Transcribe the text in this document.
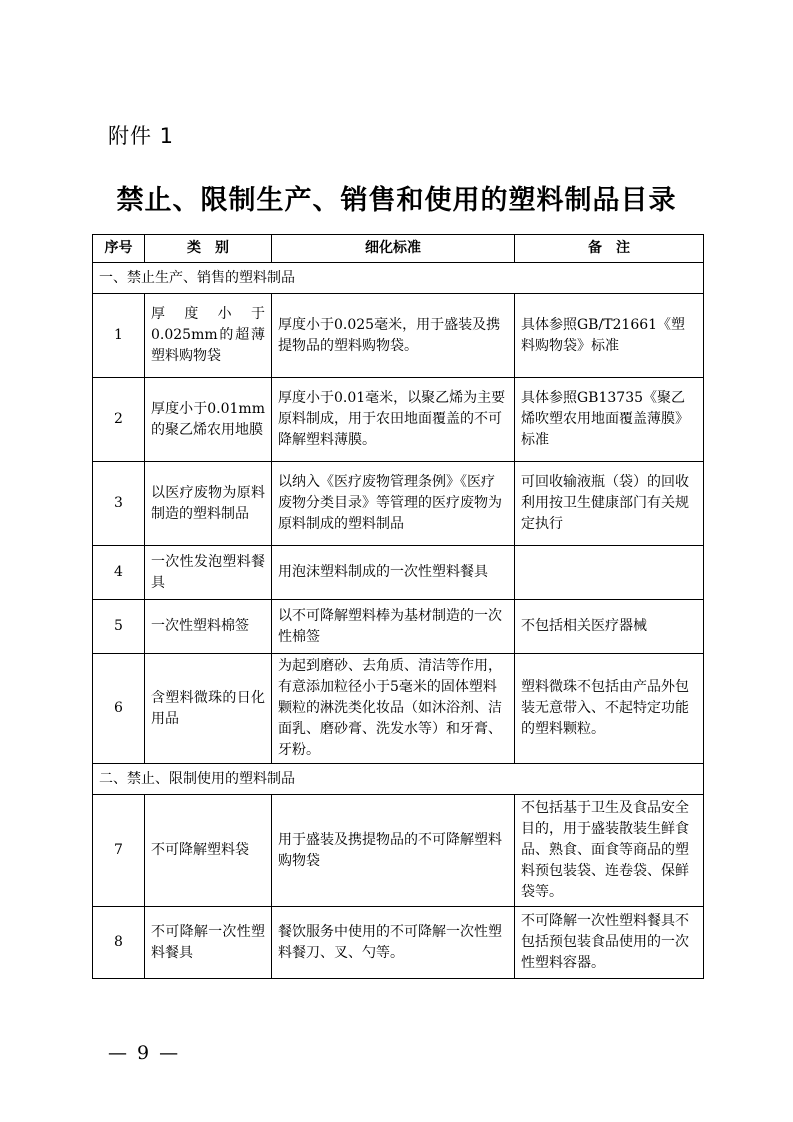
附件 1
禁止、限制生产、销售和使用的塑料制品目录
序号	类　别	细化标准	备　注
一、禁止生产、销售的塑料制品			
1	厚度小于0.025mm的超薄塑料购物袋	厚度小于0.025毫米，用于盛装及携提物品的塑料购物袋。	具体参照GB/T21661《塑料购物袋》标准
2	厚度小于0.01mm的聚乙烯农用地膜	厚度小于0.01毫米，以聚乙烯为主要原料制成，用于农田地面覆盖的不可降解塑料薄膜。	具体参照GB13735《聚乙烯吹塑农用地面覆盖薄膜》标准
3	以医疗废物为原料制造的塑料制品	以纳入《医疗废物管理条例》《医疗废物分类目录》等管理的医疗废物为原料制成的塑料制品	可回收输液瓶（袋）的回收利用按卫生健康部门有关规定执行
4	一次性发泡塑料餐具	用泡沫塑料制成的一次性塑料餐具	
5	一次性塑料棉签	以不可降解塑料棒为基材制造的一次性棉签	不包括相关医疗器械
6	含塑料微珠的日化用品	为起到磨砂、去角质、清洁等作用，有意添加粒径小于5毫米的固体塑料颗粒的淋洗类化妆品（如沐浴剂、洁面乳、磨砂膏、洗发水等）和牙膏、牙粉。	塑料微珠不包括由产品外包装无意带入、不起特定功能的塑料颗粒。
二、禁止、限制使用的塑料制品			
7	不可降解塑料袋	用于盛装及携提物品的不可降解塑料购物袋	不包括基于卫生及食品安全目的，用于盛装散装生鲜食品、熟食、面食等商品的塑料预包装袋、连卷袋、保鲜袋等。
8	不可降解一次性塑料餐具	餐饮服务中使用的不可降解一次性塑料餐刀、叉、勺等。	不可降解一次性塑料餐具不包括预包装食品使用的一次性塑料容器。
— 9 —
